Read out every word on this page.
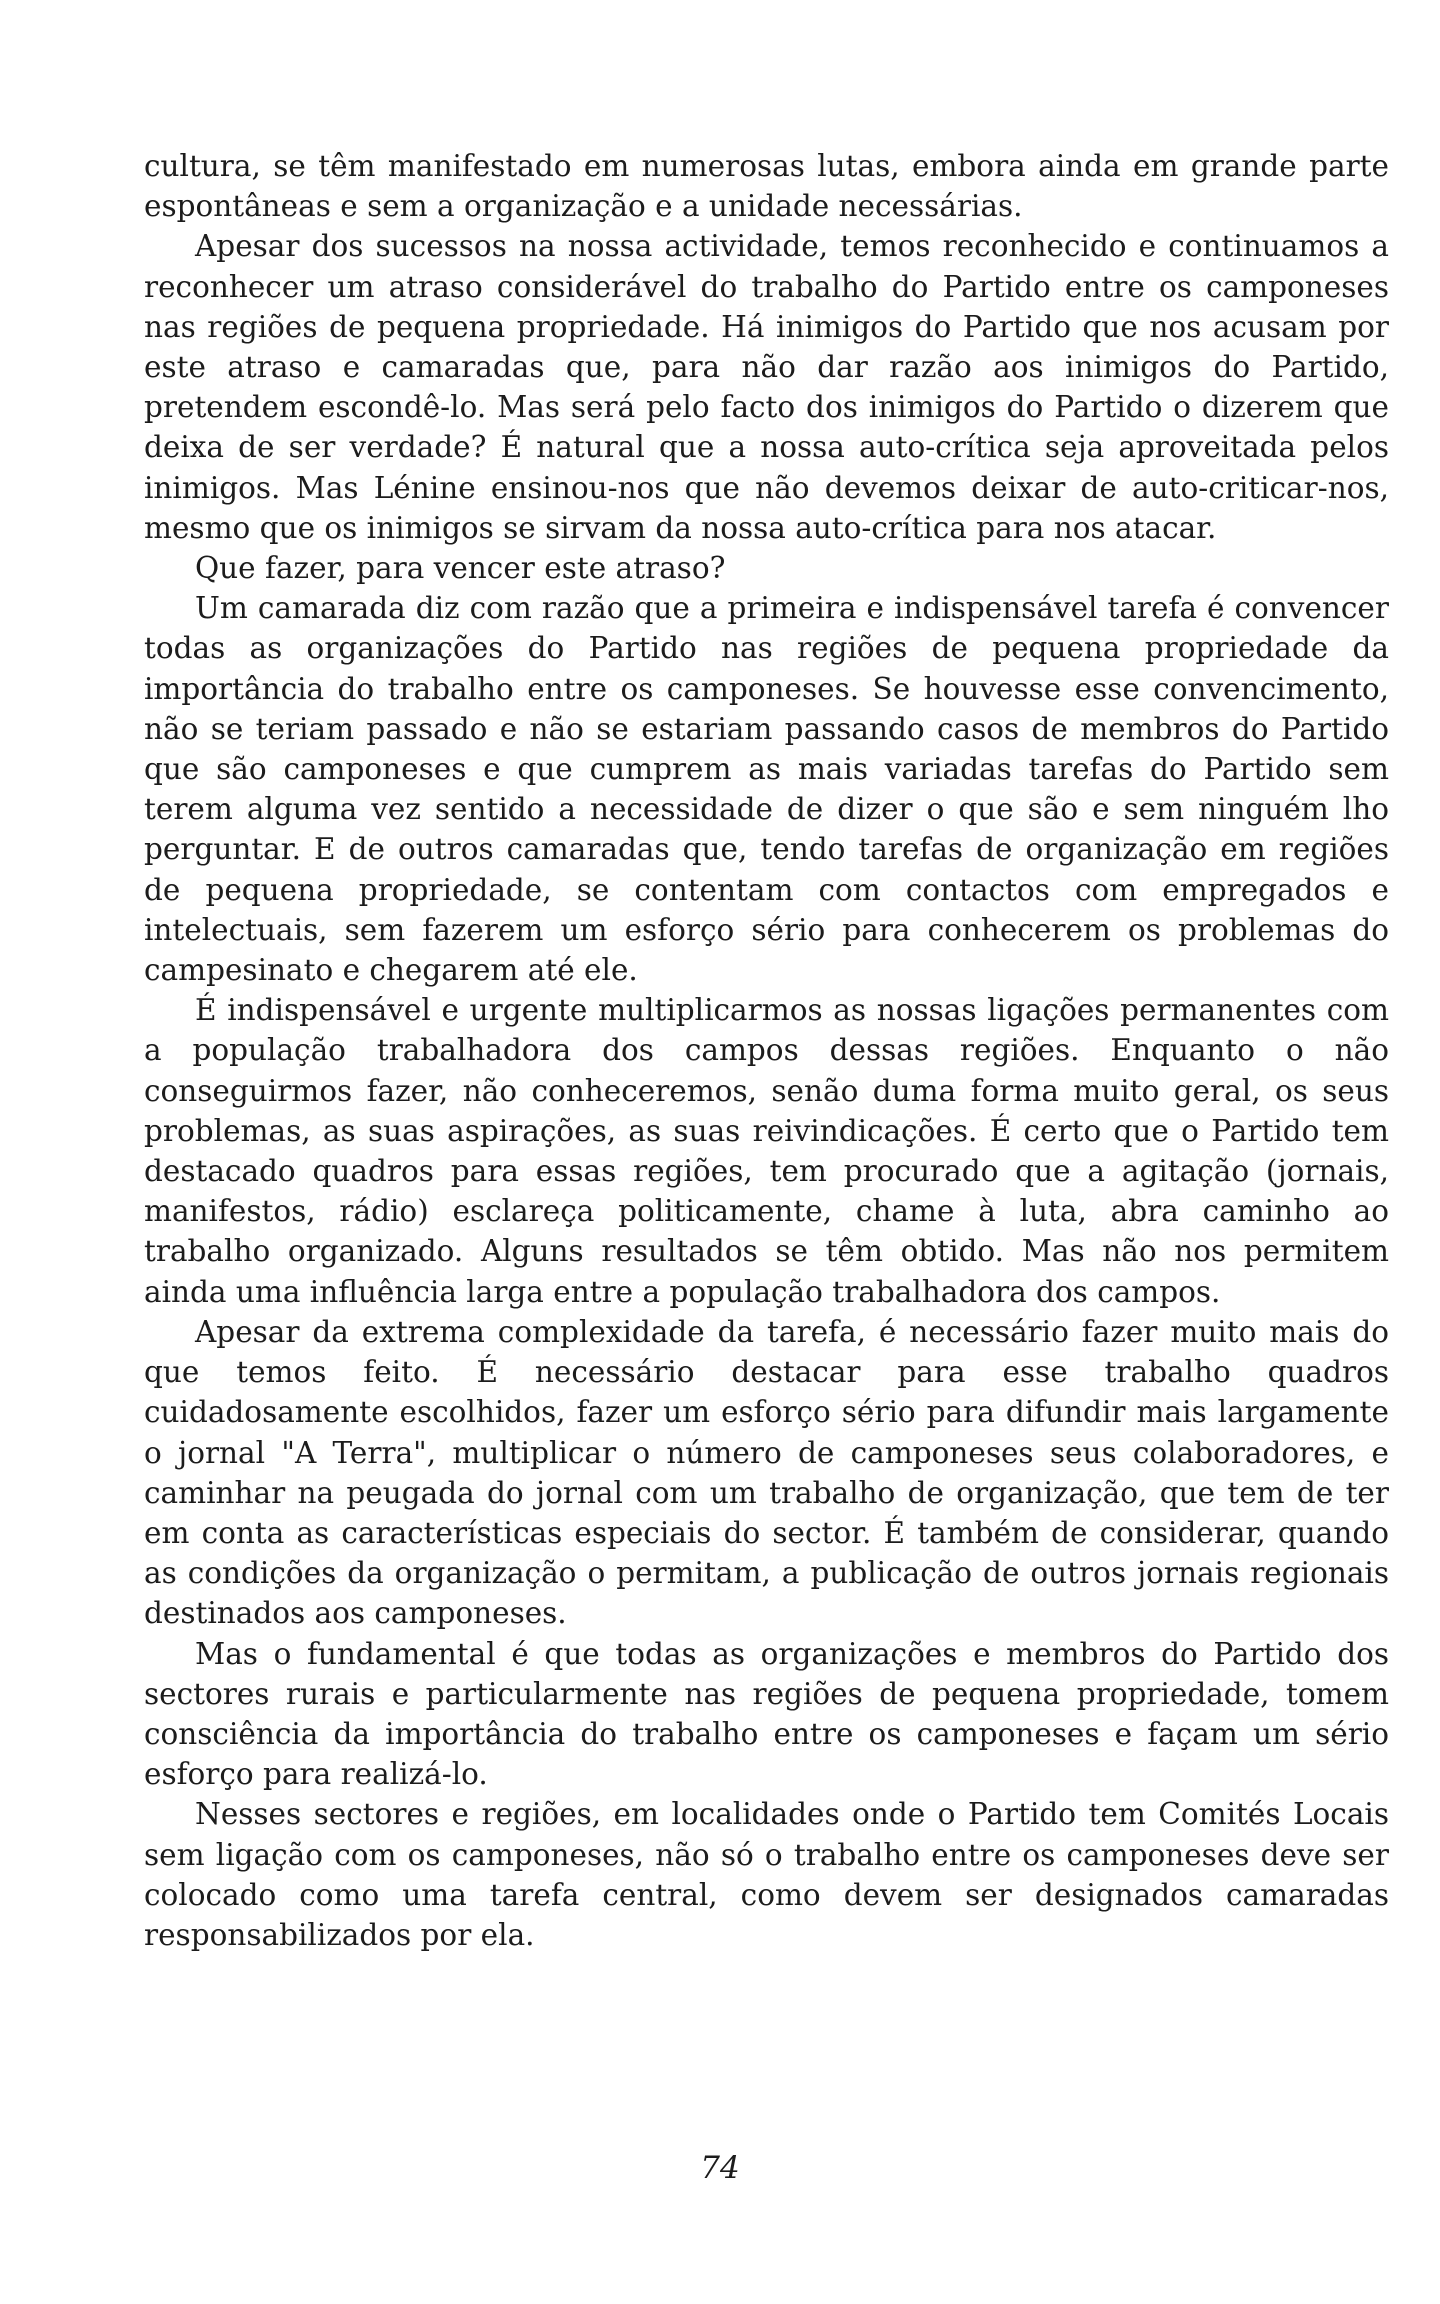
cultura, se têm manifestado em numerosas lutas, embora ainda em grande parte espontâneas e sem a organização e a unidade necessárias.

Apesar dos sucessos na nossa actividade, temos reconhecido e continuamos a reconhecer um atraso considerável do trabalho do Partido entre os camponeses nas regiões de pequena propriedade. Há inimigos do Partido que nos acusam por este atraso e camaradas que, para não dar razão aos inimigos do Partido, pretendem escondê-lo. Mas será pelo facto dos inimigos do Partido o dizerem que deixa de ser verdade? É natural que a nossa auto-crítica seja aproveitada pelos inimigos. Mas Lénine ensinou-nos que não devemos deixar de auto-criticar-nos, mesmo que os inimigos se sirvam da nossa auto-crítica para nos atacar.

Que fazer, para vencer este atraso?

Um camarada diz com razão que a primeira e indispensável tarefa é convencer todas as organizações do Partido nas regiões de pequena propriedade da importância do trabalho entre os camponeses. Se houvesse esse convencimento, não se teriam passado e não se estariam passando casos de membros do Partido que são camponeses e que cumprem as mais variadas tarefas do Partido sem terem alguma vez sentido a necessidade de dizer o que são e sem ninguém lho perguntar. E de outros camaradas que, tendo tarefas de organização em regiões de pequena propriedade, se contentam com contactos com empregados e intelectuais, sem fazerem um esforço sério para conhecerem os problemas do campesinato e chegarem até ele.

É indispensável e urgente multiplicarmos as nossas ligações permanentes com a população trabalhadora dos campos dessas regiões. Enquanto o não conseguirmos fazer, não conheceremos, senão duma forma muito geral, os seus problemas, as suas aspirações, as suas reivindicações. É certo que o Partido tem destacado quadros para essas regiões, tem procurado que a agitação (jornais, manifestos, rádio) esclareça politicamente, chame à luta, abra caminho ao trabalho organizado. Alguns resultados se têm obtido. Mas não nos permitem ainda uma influência larga entre a população trabalhadora dos campos.

Apesar da extrema complexidade da tarefa, é necessário fazer muito mais do que temos feito. É necessário destacar para esse trabalho quadros cuidadosamente escolhidos, fazer um esforço sério para difundir mais largamente o jornal "A Terra", multiplicar o número de camponeses seus colaboradores, e caminhar na peugada do jornal com um trabalho de organização, que tem de ter em conta as características especiais do sector. É também de considerar, quando as condições da organização o permitam, a publicação de outros jornais regionais destinados aos camponeses.

Mas o fundamental é que todas as organizações e membros do Partido dos sectores rurais e particularmente nas regiões de pequena propriedade, tomem consciência da importância do trabalho entre os camponeses e façam um sério esforço para realizá-lo.

Nesses sectores e regiões, em localidades onde o Partido tem Comités Locais sem ligação com os camponeses, não só o trabalho entre os camponeses deve ser colocado como uma tarefa central, como devem ser designados camaradas responsabilizados por ela.

74
